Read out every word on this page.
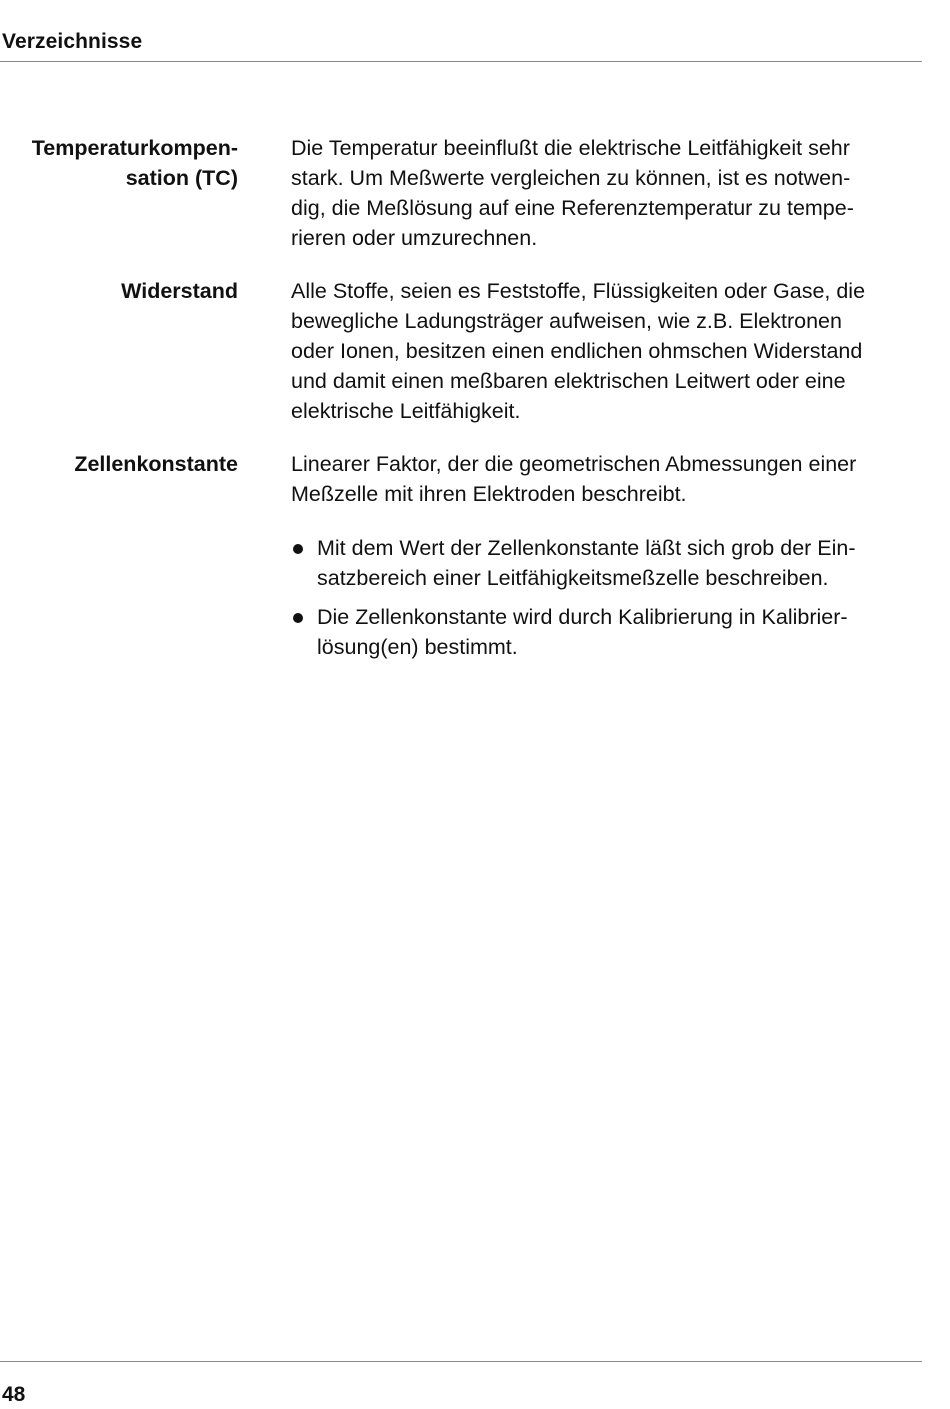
Verzeichnisse
Temperaturkompen-
sation (TC)

Die Temperatur beeinflußt die elektrische Leitfähigkeit sehr
stark. Um Meßwerte vergleichen zu können, ist es notwen-
dig, die Meßlösung auf eine Referenztemperatur zu tempe-
rieren oder umzurechnen.

Widerstand Alle Stoffe, seien es Feststoffe, Flüssigkeiten oder Gase, die
bewegliche Ladungsträger aufweisen, wie z.B. Elektronen
oder Ionen, besitzen einen endlichen ohmschen Widerstand
und damit einen meßbaren elektrischen Leitwert oder eine
elektrische Leitfähigkeit.

Zellenkonstante Linearer Faktor, der die geometrischen Abmessungen einer
Meßzelle mit ihren Elektroden beschreibt.

Mit dem Wert der Zellenkonstante läßt sich grob der Ein-
satzbereich einer Leitfähigkeitsmeßzelle beschreiben.
Die Zellenkonstante wird durch Kalibrierung in Kalibrier-
lösung(en) bestimmt.
48
